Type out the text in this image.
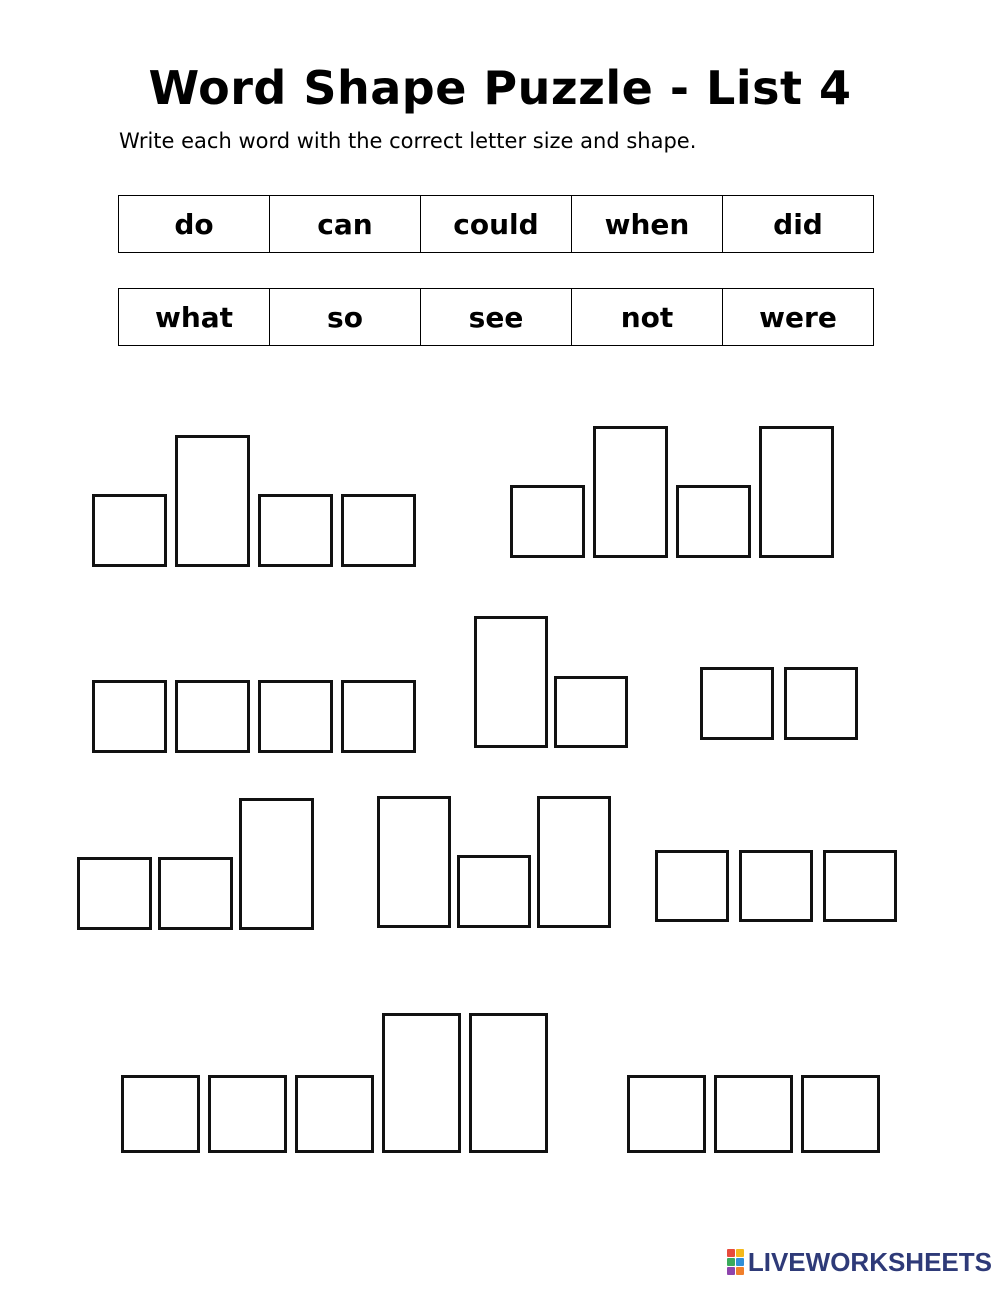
Word Shape Puzzle - List 4
Write each word with the correct letter size and shape.
do	can	could	when	did
what	so	see	not	were
LIVEWORKSHEETS
